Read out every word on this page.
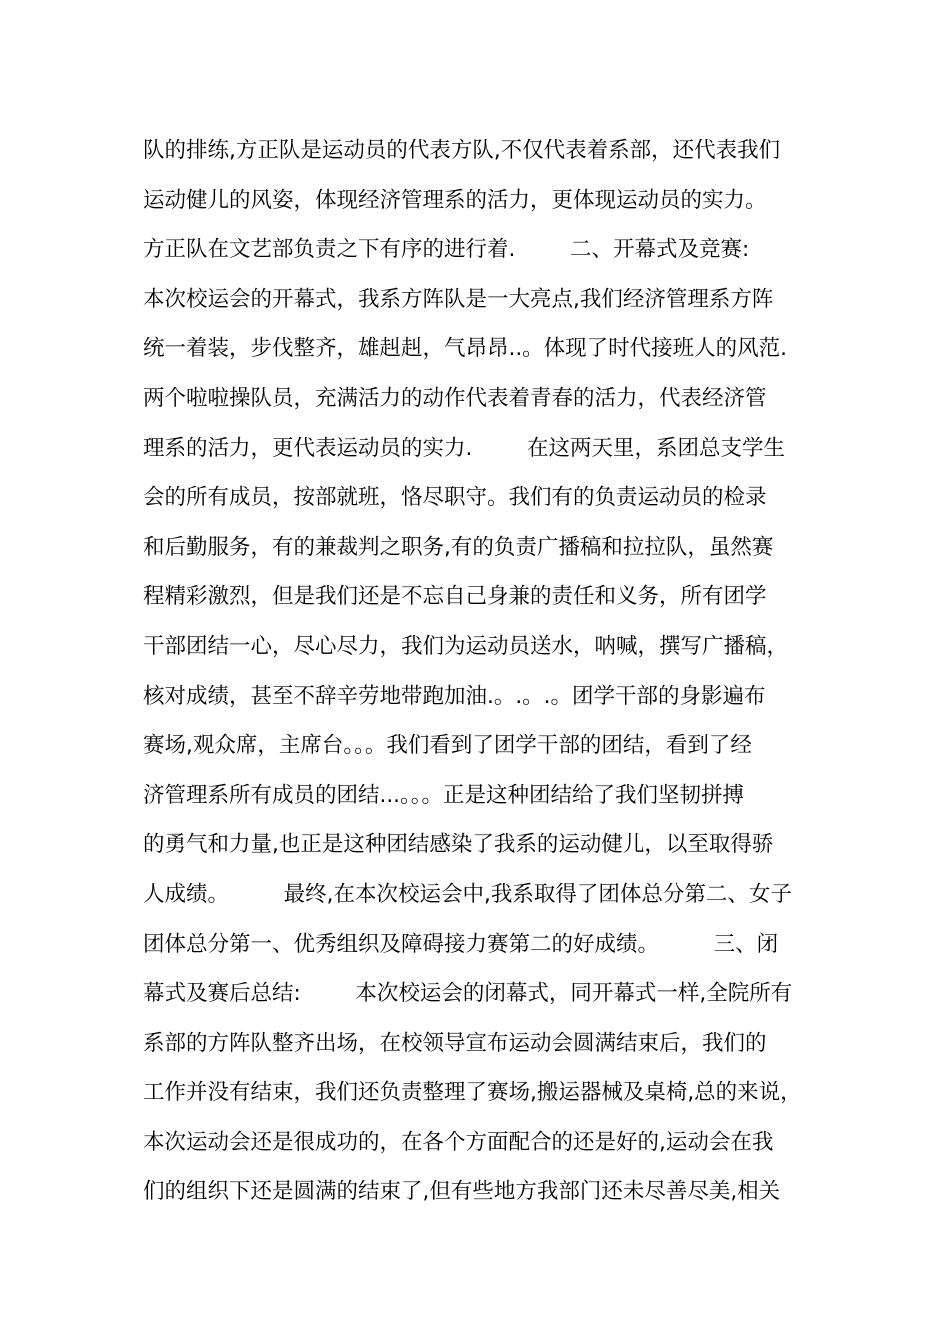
队的排练,方正队是运动员的代表方队,不仅代表着系部，还代表我们
运动健儿的风姿，体现经济管理系的活力，更体现运动员的实力。
方正队在文艺部负责之下有序的进行着.        二、开幕式及竞赛:
本次校运会的开幕式，我系方阵队是一大亮点,我们经济管理系方阵
统一着装，步伐整齐，雄赳赳，气昂昂..。体现了时代接班人的风范.
两个啦啦操队员，充满活力的动作代表着青春的活力，代表经济管
理系的活力，更代表运动员的实力.        在这两天里，系团总支学生
会的所有成员，按部就班，恪尽职守。我们有的负责运动员的检录
和后勤服务，有的兼裁判之职务,有的负责广播稿和拉拉队，虽然赛
程精彩激烈，但是我们还是不忘自己身兼的责任和义务，所有团学
干部团结一心，尽心尽力，我们为运动员送水，呐喊，撰写广播稿，
核对成绩，甚至不辞辛劳地带跑加油.。.。.。团学干部的身影遍布
赛场,观众席，主席台。。。我们看到了团学干部的团结，看到了经
济管理系所有成员的团结...。。。正是这种团结给了我们坚韧拼搏
的勇气和力量,也正是这种团结感染了我系的运动健儿，以至取得骄
人成绩。        最终,在本次校运会中,我系取得了团体总分第二、女子
团体总分第一、优秀组织及障碍接力赛第二的好成绩。        三、闭
幕式及赛后总结:        本次校运会的闭幕式，同开幕式一样,全院所有
系部的方阵队整齐出场，在校领导宣布运动会圆满结束后，我们的
工作并没有结束，我们还负责整理了赛场,搬运器械及桌椅,总的来说，
本次运动会还是很成功的，在各个方面配合的还是好的,运动会在我
们的组织下还是圆满的结束了,但有些地方我部门还未尽善尽美,相关
